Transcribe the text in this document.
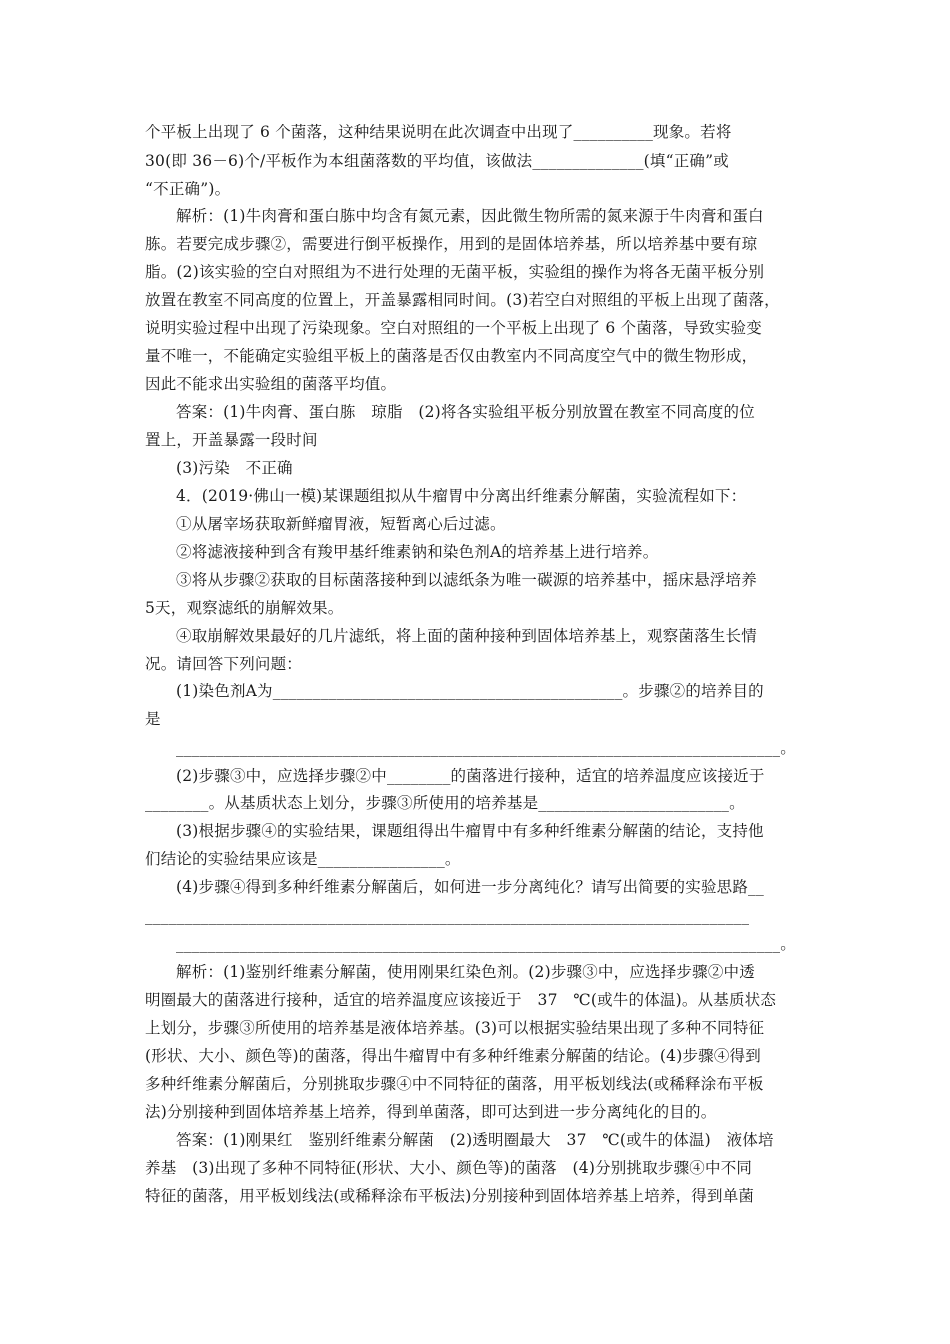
个平板上出现了 6 个菌落，这种结果说明在此次调查中出现了__________现象。若将
30(即 36－6)个/平板作为本组菌落数的平均值，该做法______________(填“正确”或
“不正确”)。
解析：(1)牛肉膏和蛋白胨中均含有氮元素，因此微生物所需的氮来源于牛肉膏和蛋白
胨。若要完成步骤②，需要进行倒平板操作，用到的是固体培养基，所以培养基中要有琼
脂。(2)该实验的空白对照组为不进行处理的无菌平板，实验组的操作为将各无菌平板分别
放置在教室不同高度的位置上，开盖暴露相同时间。(3)若空白对照组的平板上出现了菌落，
说明实验过程中出现了污染现象。空白对照组的一个平板上出现了 6 个菌落，导致实验变
量不唯一，不能确定实验组平板上的菌落是否仅由教室内不同高度空气中的微生物形成，
因此不能求出实验组的菌落平均值。
答案：(1)牛肉膏、蛋白胨　琼脂　(2)将各实验组平板分别放置在教室不同高度的位
置上，开盖暴露一段时间
(3)污染　不正确
4．(2019·佛山一模)某课题组拟从牛瘤胃中分离出纤维素分解菌，实验流程如下：
①从屠宰场获取新鲜瘤胃液，短暂离心后过滤。
②将滤液接种到含有羧甲基纤维素钠和染色剂A的培养基上进行培养。
③将从步骤②获取的目标菌落接种到以滤纸条为唯一碳源的培养基中，摇床悬浮培养
5天，观察滤纸的崩解效果。
④取崩解效果最好的几片滤纸，将上面的菌种接种到固体培养基上，观察菌落生长情
况。请回答下列问题：
(1)染色剂A为____________________________________________。步骤②的培养目的
是
____________________________________________________________________________。
(2)步骤③中，应选择步骤②中________的菌落进行接种，适宜的培养温度应该接近于
________。从基质状态上划分，步骤③所使用的培养基是________________________。
(3)根据步骤④的实验结果，课题组得出牛瘤胃中有多种纤维素分解菌的结论，支持他
们结论的实验结果应该是________________。
(4)步骤④得到多种纤维素分解菌后，如何进一步分离纯化？请写出简要的实验思路__
____________________________________________________________________________
____________________________________________________________________________。
解析：(1)鉴别纤维素分解菌，使用刚果红染色剂。(2)步骤③中，应选择步骤②中透
明圈最大的菌落进行接种，适宜的培养温度应该接近于　37　℃(或牛的体温)。从基质状态
上划分，步骤③所使用的培养基是液体培养基。(3)可以根据实验结果出现了多种不同特征
(形状、大小、颜色等)的菌落，得出牛瘤胃中有多种纤维素分解菌的结论。(4)步骤④得到
多种纤维素分解菌后，分别挑取步骤④中不同特征的菌落，用平板划线法(或稀释涂布平板
法)分别接种到固体培养基上培养，得到单菌落，即可达到进一步分离纯化的目的。
答案：(1)刚果红　鉴别纤维素分解菌　(2)透明圈最大　37　℃(或牛的体温)　液体培
养基　(3)出现了多种不同特征(形状、大小、颜色等)的菌落　(4)分别挑取步骤④中不同
特征的菌落，用平板划线法(或稀释涂布平板法)分别接种到固体培养基上培养，得到单菌
